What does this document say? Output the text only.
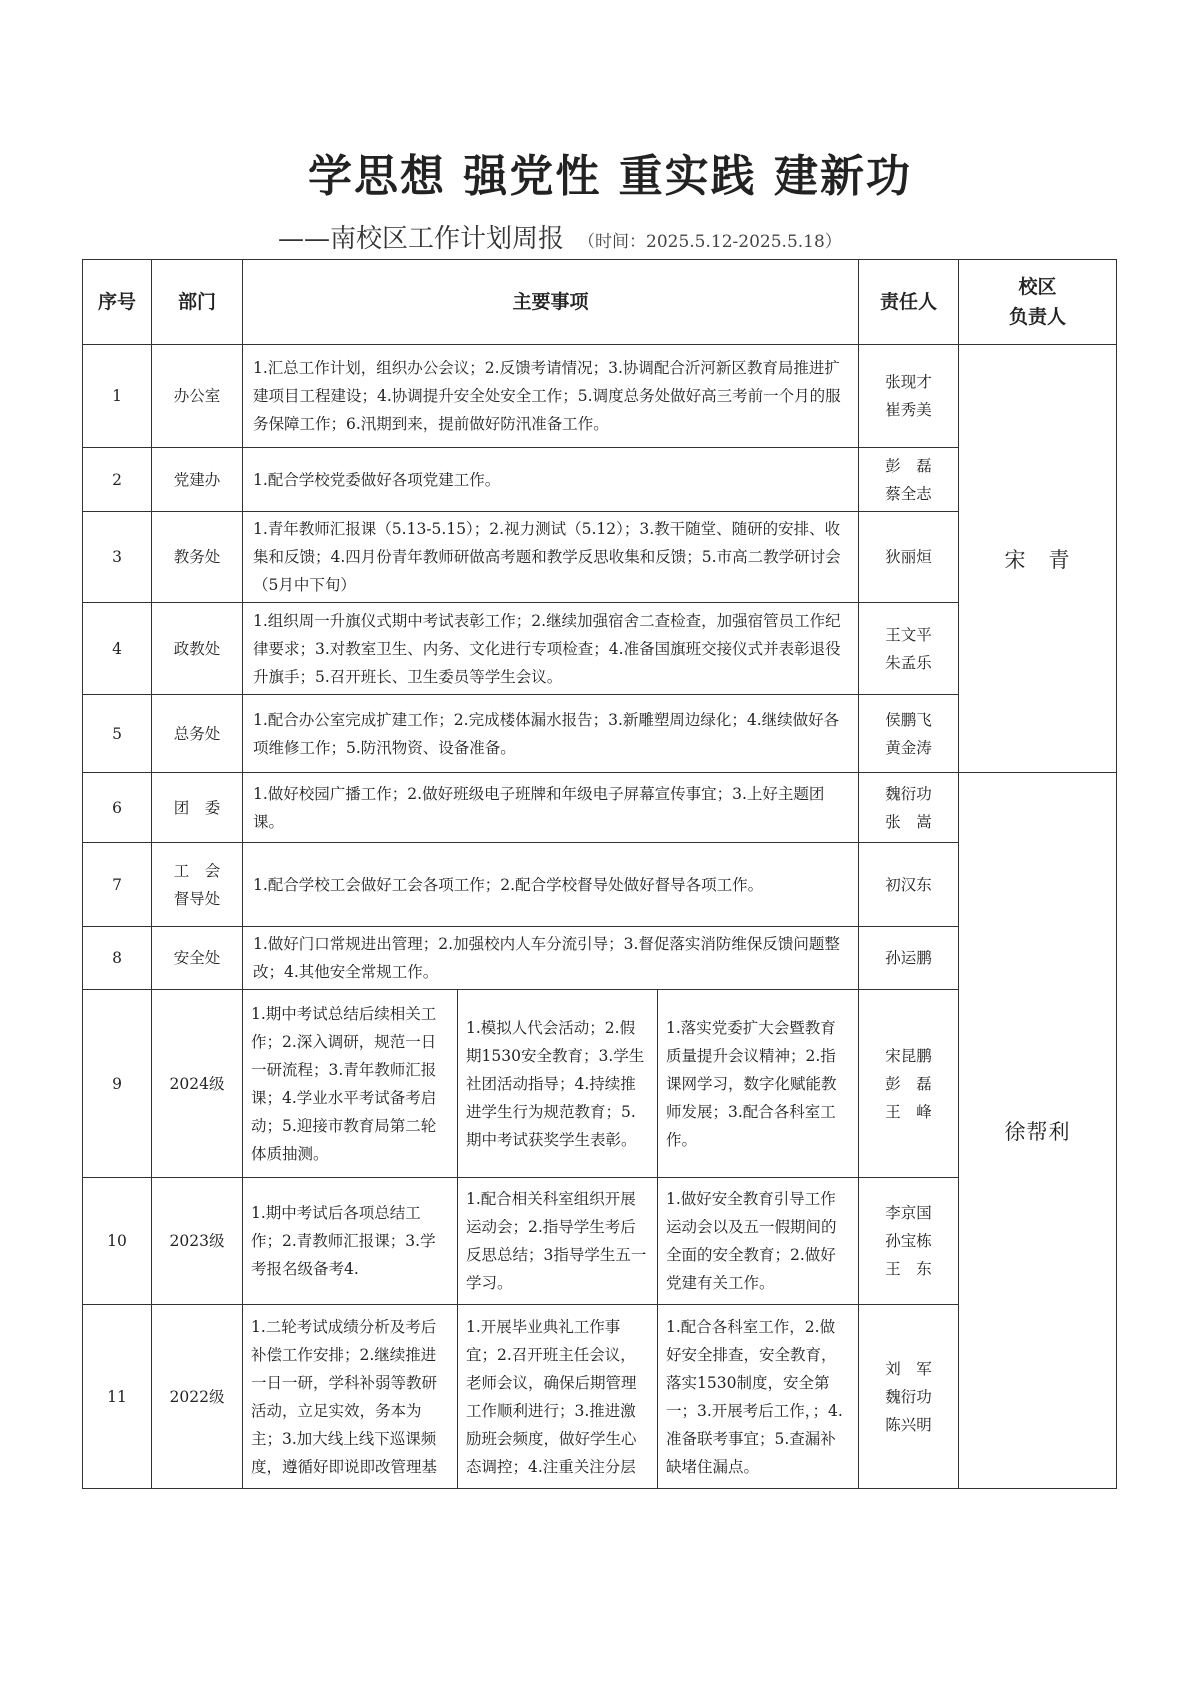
学思想 强党性 重实践 建新功
——南校区工作计划周报 （时间：2025.5.12-2025.5.18）
序号	部门	主要事项			责任人	校区
负责人

1	办公室	1.汇总工作计划，组织办公会议；2.反馈考请情况；3.协调配合沂河新区教育局推进扩建项目工程建设；4.协调提升安全处安全工作；5.调度总务处做好高三考前一个月的服务保障工作；6.汛期到来，提前做好防汛准备工作。			张现才
崔秀美	宋　青
2	党建办	1.配合学校党委做好各项党建工作。			彭　磊
蔡全志	

3	教务处	1.青年教师汇报课（5.13-5.15）；2.视力测试（5.12）；3.教干随堂、随研的安排、收集和反馈；4.四月份青年教师研做高考题和教学反思收集和反馈；5.市高二教学研讨会（5月中下旬）			狄丽烜	

4	政教处	1.组织周一升旗仪式期中考试表彰工作；2.继续加强宿舍二查检查，加强宿管员工作纪律要求；3.对教室卫生、内务、文化进行专项检查；4.准备国旗班交接仪式并表彰退役升旗手；5.召开班长、卫生委员等学生会议。			王文平
朱孟乐	

5	总务处	1.配合办公室完成扩建工作；2.完成楼体漏水报告；3.新雕塑周边绿化；4.继续做好各项维修工作；5.防汛物资、设备准备。			侯鹏飞
黄金涛	

6	团　委	1.做好校园广播工作；2.做好班级电子班牌和年级电子屏幕宣传事宜；3.上好主题团课。			魏衍功
张　嵩	徐帮利
7	工　会
督导处	1.配合学校工会做好工会各项工作；2.配合学校督导处做好督导各项工作。			初汉东	

8	安全处	1.做好门口常规进出管理；2.加强校内人车分流引导；3.督促落实消防维保反馈问题整改；4.其他安全常规工作。			孙运鹏	

9	2024级	1.期中考试总结后续相关工作；2.深入调研，规范一日一研流程；3.青年教师汇报课；4.学业水平考试备考启动；5.迎接市教育局第二轮体质抽测。	1.模拟人代会活动；2.假期1530安全教育；3.学生社团活动指导；4.持续推进学生行为规范教育；5.期中考试获奖学生表彰。	1.落实党委扩大会暨教育质量提升会议精神；2.指课网学习，数字化赋能教师发展；3.配合各科室工作。	宋昆鹏
彭　磊
王　峰	

10	2023级	1.期中考试后各项总结工作；2.青教师汇报课；3.学考报名级备考4.	1.配合相关科室组织开展运动会；2.指导学生考后反思总结；3指导学生五一学习。	1.做好安全教育引导工作运动会以及五一假期间的全面的安全教育；2.做好党建有关工作。	李京国
孙宝栋
王　东	

11	2022级	1.二轮考试成绩分析及考后补偿工作安排；2.继续推进一日一研，学科补弱等教研活动，立足实效，务本为主；3.加大线上线下巡课频度，遵循好即说即改管理基	1.开展毕业典礼工作事宜；2.召开班主任会议，老师会议，确保后期管理工作顺利进行；3.推进激励班会频度，做好学生心态调控；4.注重关注分层	1.配合各科室工作，2.做好安全排查，安全教育，落实1530制度，安全第一；3.开展考后工作，；4.准备联考事宜；5.查漏补缺堵住漏点。	刘　军
魏衍功
陈兴明	
